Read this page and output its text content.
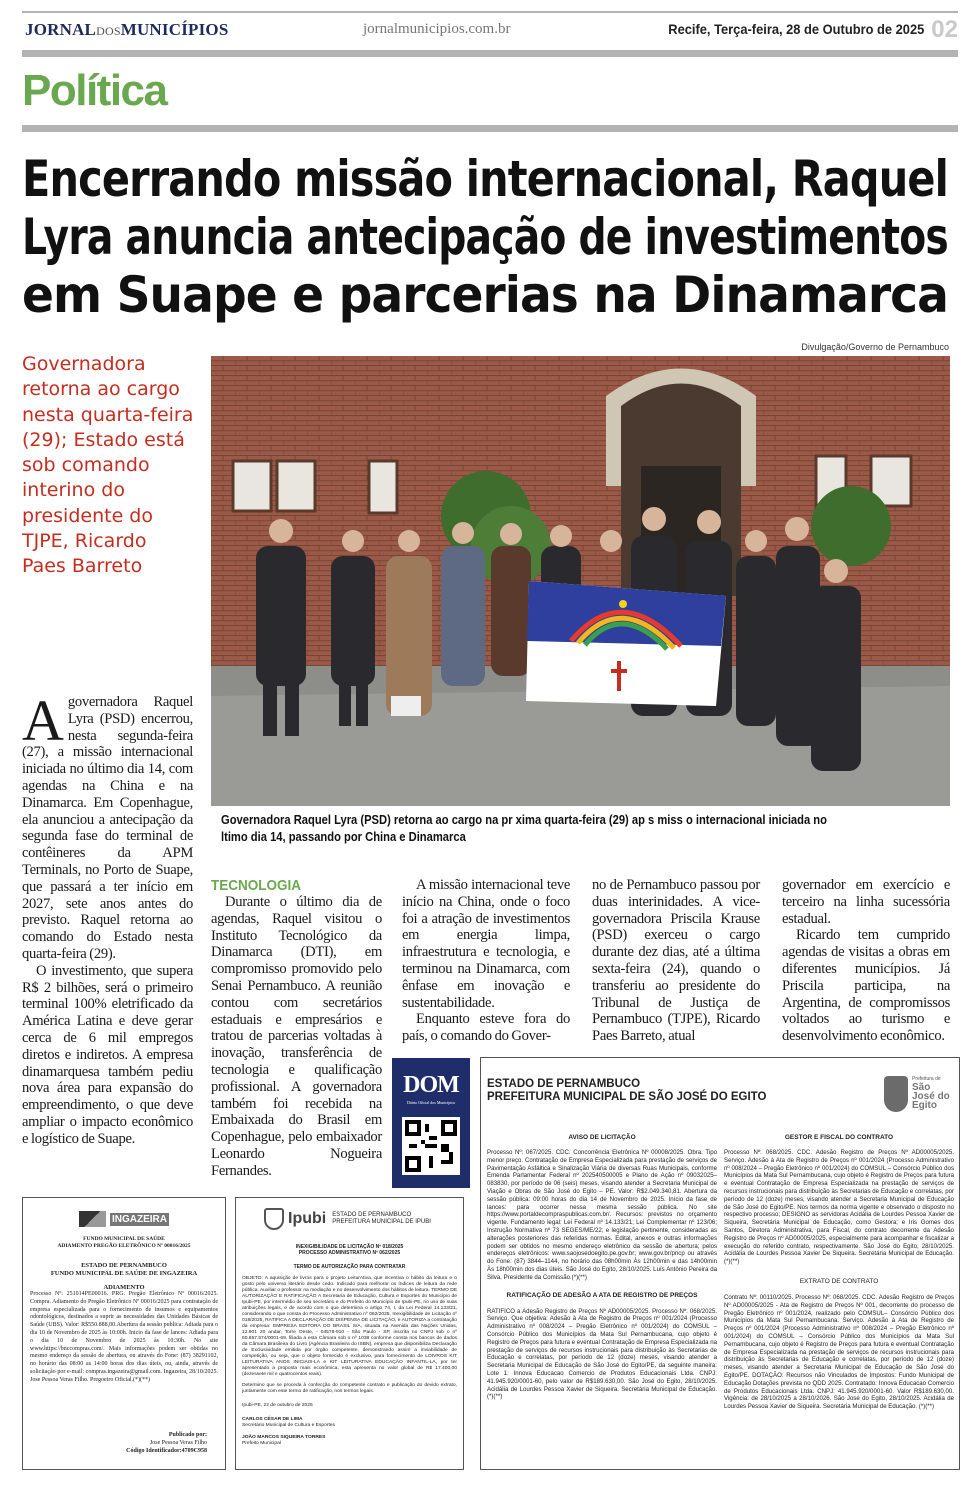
JORNALDOSMUNICÍPIOS	jornalmunicipios.com.br	Recife, Terça-feira, 28 de Outubro de 2025 02
Política
Encerrando missão internacional, Raquel
Lyra anuncia antecipação de investimentos
em Suape e parcerias na Dinamarca
Governadora retorna ao cargo nesta quarta-feira (29); Estado está sob comando interino do presidente do TJPE, Ricardo Paes Barreto
Divulgação/Governo de Pernambuco
Governadora Raquel Lyra (PSD) retorna ao cargo na pr xima quarta-feira (29) ap s miss o internacional iniciada no ltimo dia 14, passando por China e Dinamarca

Agovernadora Raquel Lyra (PSD) encerrou, nesta segunda-feira (27), a missão internacional iniciada no último dia 14, com agendas na China e na Dinamarca. Em Copenhague, ela anunciou a antecipação da segunda fase do terminal de contêineres da APM Terminals, no Porto de Suape, que passará a ter início em 2027, sete anos antes do previsto. Raquel retorna ao comando do Estado nesta quarta-feira (29).

O investimento, que supera R$ 2 bilhões, será o primeiro terminal 100% eletrificado da América Latina e deve gerar cerca de 6 mil empregos diretos e indiretos. A empresa dinamarquesa também pediu nova área para expansão do empreendimento, o que deve ampliar o impacto econômico e logístico de Suape.

TECNOLOGIA

Durante o último dia de agendas, Raquel visitou o Instituto Tecnológico da Dinamarca (DTI), em compromisso promovido pelo Senai Pernambuco. A reunião contou com secretários estaduais e empresários e tratou de parcerias voltadas à inovação, transferência de tecnologia e qualificação profissional. A governadora também foi recebida na Embaixada do Brasil em Copenhague, pelo embaixador Leonardo Nogueira Fernandes.

A missão internacional teve início na China, onde o foco foi a atração de investimentos em energia limpa, infraestrutura e tecnologia, e terminou na Dinamarca, com ênfase em inovação e sustentabilidade.

Enquanto esteve fora do país, o comando do Gover-

no de Pernambuco passou por duas interinidades. A vice-governadora Priscila Krause (PSD) exerceu o cargo durante dez dias, até a última sexta-feira (24), quando o transferiu ao presidente do Tribunal de Justiça de Pernambuco (TJPE), Ricardo Paes Barreto, atual

governador em exercício e terceiro na linha sucessória estadual.

Ricardo tem cumprido agendas de visitas a obras em diferentes municípios. Já Priscila participa, na Argentina, de compromissos voltados ao turismo e desenvolvimento econômico.

DOM
Diário Oficial dos Municípios
ESTADO DE PERNAMBUCO
PREFEITURA MUNICIPAL DE SÃO JOSÉ DO EGITO
Prefeitura de
São José do Egito
AVISO DE LICITAÇÃO
Processo Nº: 067/2025. CDC. Concorrência Eletrônica Nº 00008/2025. Obra. Tipo menor preço. Contratação de Empresa Especializada para prestação de serviços de Pavimentação Asfáltica e Sinalização Viária de diversas Ruas Municipais, conforme Emenda Parlamentar Federal nº 202540500005 e Plano de Ação nº 09032025–083830, por período de 06 (seis) meses, visando atender a Secretaria Municipal de Viação e Obras de São José do Egito – PE. Valor: R$2.049.340,81. Abertura da sessão pública: 09:00 horas do dia 14 de Novembro de 2025. Início da fase de lances: para ocorrer nessa mesma sessão pública. No site https://www.portaldecompraspublicas.com.br/. Recursos: previstos no orçamento vigente. Fundamento legal: Lei Federal nº 14.133/21; Lei Complementar nº 123/06; Instrução Normativa nº 73 SEGES/ME/22; e legislação pertinente, consideradas as alterações posteriores das referidas normas. Edital, anexos e outras informações podem ser obtidos no mesmo endereço eletrônico da sessão de abertura; pelos endereços eletrônicos: www.saojosedoegito.pe.gov.br; www.gov.br/pncp ou através do Fone: (87) 3844–1144, no horário das 08h00min Às 12h00min e das 14h00min Às 18h00min dos dias úteis. São José do Egito, 28/10/2025. Luís Antônio Pereira da Silva. Presidente da Comissão.(*)(**)
RATIFICAÇÃO DE ADESÃO A ATA DE REGISTRO DE PREÇOS
RATIFICO a Adesão Registro de Preços Nº AD00005/2025. Processo Nº: 068/2025. Serviço. Que objetiva: Adesão à Ata de Registro de Preços nº 001/2024 (Processo Administrativo nº 008/2024 – Pregão Eletrônico nº 001/2024) do COMSUL – Consórcio Público dos Municípios da Mata Sul Pernambucana, cujo objeto é Registro de Preços para futura e eventual Contratação de Empresa Especializada na prestação de serviços de recursos instrucionais para distribuição às Secretarias de Educação e correlatas, por período de 12 (doze) meses, visando atender a Secretaria Municipal de Educação de São José do Egito/PE, da seguinte maneira: Lote 1: Innova Educacao Comercio de Produtos Educacionais Ltda. CNPJ: 41.945.920/0001-60, pelo valor de R$189.630,00. São José do Egito, 28/10/2025. Acidália de Lourdes Pessoa Xavier de Siqueira. Secretária Municipal de Educação.(*)(**)
GESTOR E FISCAL DO CONTRATO
Processo Nº: 068/2025. CDC. Adesão Registro de Preços Nº AD00005/2025. Serviço. Adesão à Ata de Registro de Preços nº 001/2024 (Processo Administrativo nº 008/2024 – Pregão Eletrônico nº 001/2024) do COMSUL – Consórcio Público dos Municípios da Mata Sul Pernambucana, cujo objeto é Registro de Preços para futura e eventual Contratação de Empresa Especializada na prestação de serviços de recursos instrucionais para distribuição às Secretarias de Educação e correlatas, por período de 12 (doze) meses, visando atender a Secretaria Municipal de Educação de São José do Egito/PE. Nos termos da norma vigente e observado o disposto no respectivo processo; DESIGNO as servidoras Acidália de Lourdes Pessoa Xavier de Siqueira, Secretária Municipal de Educação, como Gestora; e Iris Gomes dos Santos, Diretora Administrativa, para Fiscal, do contrato decorrente da Adesão Registro de Preços nº AD00005/2025, especialmente para acompanhar e fiscalizar a execução do referido contrato, respectivamente. São José do Egito, 28/10/2025. Acidália de Lourdes Pessoa Xavier De Siqueira. Secretária Municipal de Educação.(*)(**)
EXTRATO DE CONTRATO
Contrato Nº: 00110/2025. Processo Nº: 068/2025. CDC. Adesão Registro de Preços Nº AD00005/2025 - Ata de Registro de Preços Nº 001, decorrente do processo de Pregão Eletrônico nº 001/2024, realizado pelo COMSUL– Consórcio Público dos Municípios da Mata Sul Pernambucana. Serviço. Adesão à Ata de Registro de Preços nº 001/2024 (Processo Administrativo nº 008/2024 – Pregão Eletrônico nº 001/2024) do COMSUL – Consórcio Público dos Municípios da Mata Sul Pernambucana, cujo objeto é Registro de Preços para futura e eventual Contratação de Empresa Especializada na prestação de serviços de recursos instrucionais para distribuição às Secretarias de Educação e correlatas, por período de 12 (doze) meses, visando atender a Secretaria Municipal de Educação de São José do Egito/PE. DOTAÇÃO: Recursos não Vinculados de Impostos: Fundo Municipal de Educação Dotações prevista no QDD 2025. Contratado: Innova Educacao Comercio de Produtos Educacionais Ltda. CNPJ: 41.945.920/0001-60. Valor R$189.630,00. Vigência: de 28/10/2025 a 28/10/2026. São José do Egito, 28/10/2025. Acidália de Lourdes Pessoa Xavier de Siqueira. Secretária Municipal de Educação. (*)(**)
INGAZEIRA
FUNDO MUNICIPAL DE SAÚDE
ADIAMENTO PREGÃO ELETRÔNICO Nº 00016/2025
ESTADO DE PERNAMBUCO
FUNDO MUNICIPAL DE SAÚDE DE INGAZEIRA
ADIAMENTO
Processo Nº: 251014PE00016. PRG. Pregão Eletrônico Nº 00016/2025. Compra. Adiamento do Pregão Eletrônico Nº 00016/2025 para contratação de empresa especializada para o fornecimento de insumos e equipamentos odontológicos, destinados a suprir as necessidades das Unidades Básicas de Saúde (UBS). Valor: R$550.888,00.Abertura da sessão publica: Adiada para o dia 10 de Novembro de 2025 às 10:00h. Inicio da fase de lances: Adiada para o dia 10 de Novembro de 2025 às 10:30h. No site www.https://bnccompras.com/. Mais informações podem ser obtidas no mesmo endereço da sessão de abertura, ou através do Fone: (87) 38291102, no horário das 08:00 as 14:00 horas dos dias úteis, ou, ainda, através de solicitação por e-mail: compras.ingazeira@gmail.com. Ingazeira, 28/10/2025. Jose Pessoa Veras Filho. Pregoeiro Oficial.(*)(**)
Publicado por:
Jose Pessoa Veras Filho
Código Identificador:4709C958
Ipubi ESTADO DE PERNAMBUCO
PREFEITURA MUNICIPAL DE IPUBI
INEXIGIBILIDADE DE LICITAÇÃO Nº 018/2025
PROCESSO ADMINISTRATIVO Nº 062/2025
TERMO DE AUTORIZAÇÃO PARA CONTRATAR
OBJETO: A aquisição de livros para o projeto LeiturAtiva, que incentiva o hábito da leitura e o gosto pelo universo literário desde cedo. Indicado para melhorar os índices de leitura da rede pública. Auxiliar o professor na mediação e no desenvolvimento dos hábitos de leitura. TERMO DE AUTORIZAÇÃO E RATIFICAÇÃO A Secretaria de Educação, Cultura e Esportes do Município de Ipubi-PE, por intermédio de seu secretário e do Prefeito do Município de Ipubi-PE, no uso de suas atribuições legais, e de acordo com o que determina o artigo 74, I, da Lei Federal 14.133/21, considerando o que consta do Processo Administrativo nº 062/2025, Inexigibilidade de Licitação nº 018/2025, RATIFICA A DECLARAÇÃO DE DISPENSA DE LICITAÇÃO, e AUTORIZA a contratação da empresa: EMPRESA EDITORA DO BRASIL S/A, situada na Avenida das Nações Unidas, 12.901 20 andar, Torre Oeste, - 04578-910 - São Paulo - SP, inscrita no CNPJ sob o nº 60.657.574/0001-69, filiada a esta Câmara sob o nº 1038 conforme consta nos bancos de dados da Câmara Brasileira do Livro (Agência Brasileira do ISBN), empresa que disponibiliza Declaração de Exclusividade emitida por órgão competente, demonstrando assim a inviabilidade de competição, ou seja, que o objeto fornecido é exclusivo, para fornecimento de LOIVROS KIT LEITURATIVA ANOS INICIAIS-LA e KIT LEITURATIVA EDUCAÇÃO INFANTIL-LA, por ter apresentado a proposta mais econômica, esta apresenta no valor global de R$ 17.400,00 (dezessete mil e quatrocentos reais).
Determino que se proceda à confecção do competente contrato e publicação do devido extrato, juntamente com este termo de ratificação, nos termos legais.
Ipubi-PE, 22 de outubro de 2025
CARLOS CÉSAR DE LIMA
Secretário Municipal de Cultura e Esportes
JOÃO MARCOS SIQUEIRA TORRES
Prefeito Municipal
